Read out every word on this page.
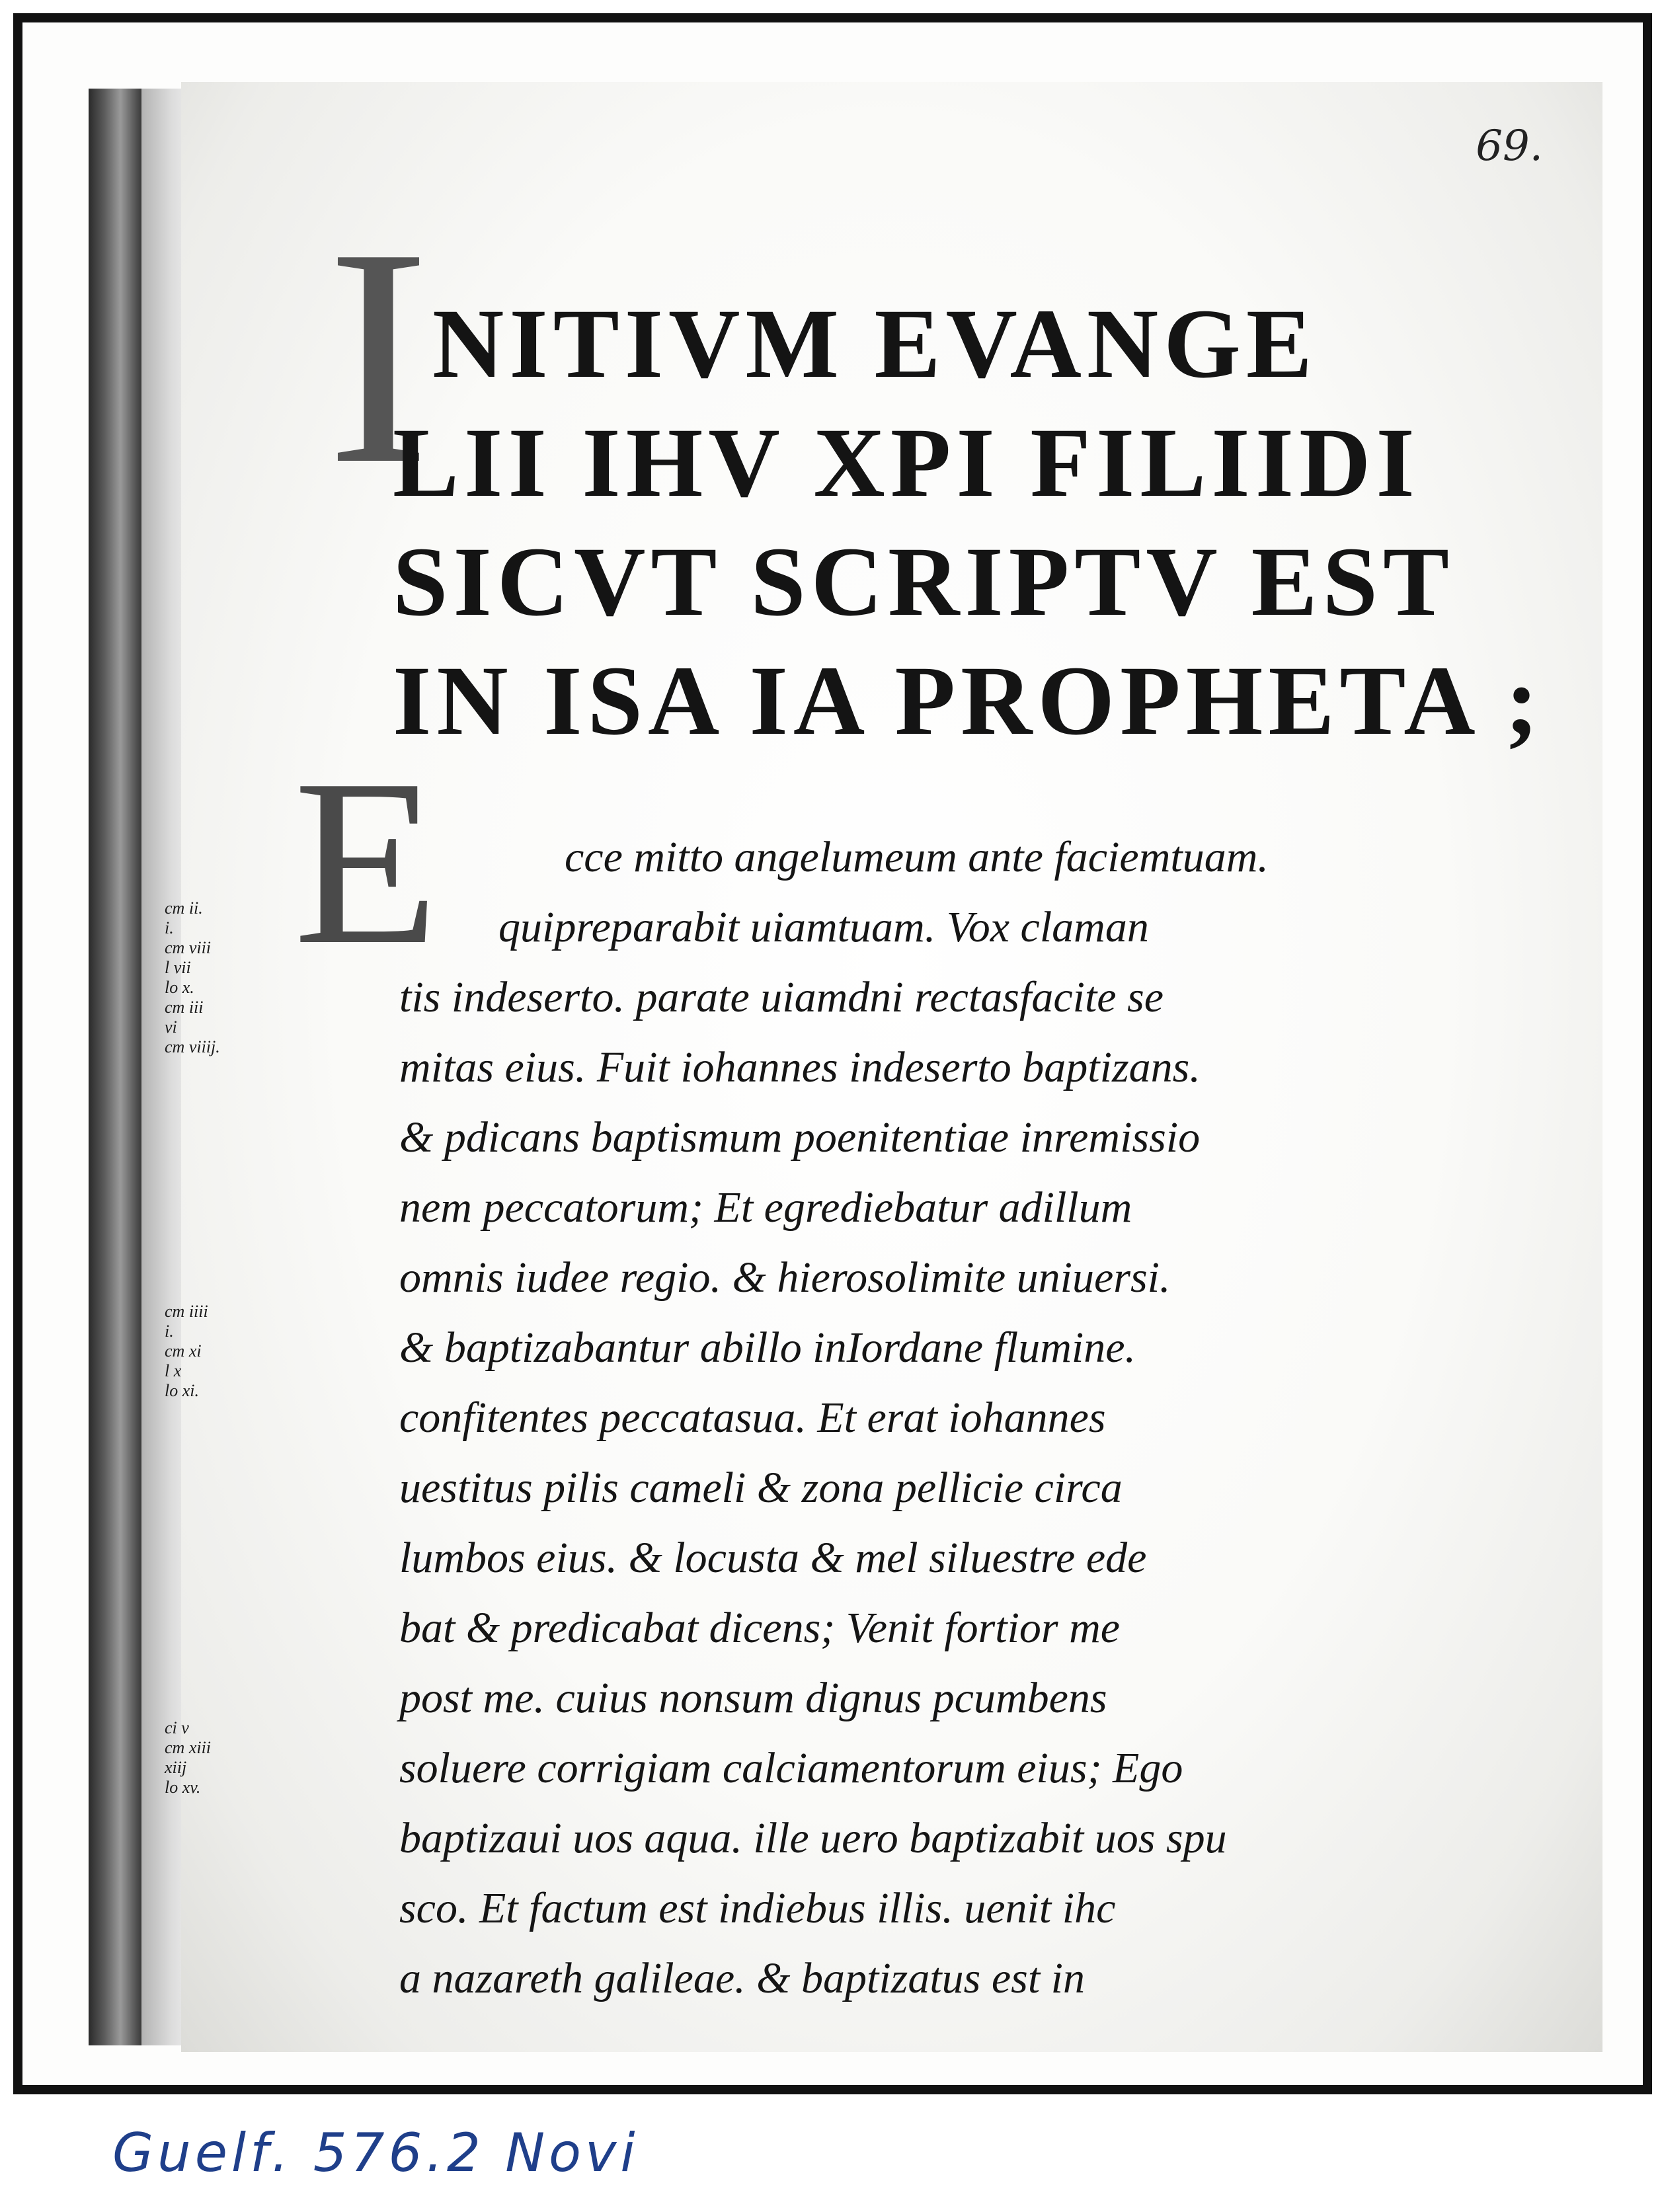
69.
I NITIVM EVANGE
LII IHV XPI FILIIDI
SICVT SCRIPTV EST
IN ISA IA PROPHETA ;
E	cce mitto angelumeum ante faciemtuam.
quipreparabit uiamtuam. Vox claman
tis indeserto. parate uiamdni rectasfacite se
mitas eius. Fuit iohannes indeserto baptizans.
& pdicans baptismum poenitentiae inremissio
nem peccatorum; Et egrediebatur adillum
omnis iudee regio. & hierosolimite uniuersi.
& baptizabantur abillo inIordane flumine.
confitentes peccatasua. Et erat iohannes
uestitus pilis cameli & zona pellicie circa
lumbos eius. & locusta & mel siluestre ede
bat & predicabat dicens; Venit fortior me
post me. cuius nonsum dignus pcumbens
soluere corrigiam calciamentorum eius; Ego
baptizaui uos aqua. ille uero baptizabit uos spu
sco. Et factum est indiebus illis. uenit ihc
a nazareth galileae. & baptizatus est in
cm ii.
i.
cm viii
l vii
lo x.
cm iii
vi
cm viiij.
cm iiii
i.
cm xi
l x
lo xi.
ci v
cm xiii
xiij
lo xv.
Guelf. 576.2 Novi
